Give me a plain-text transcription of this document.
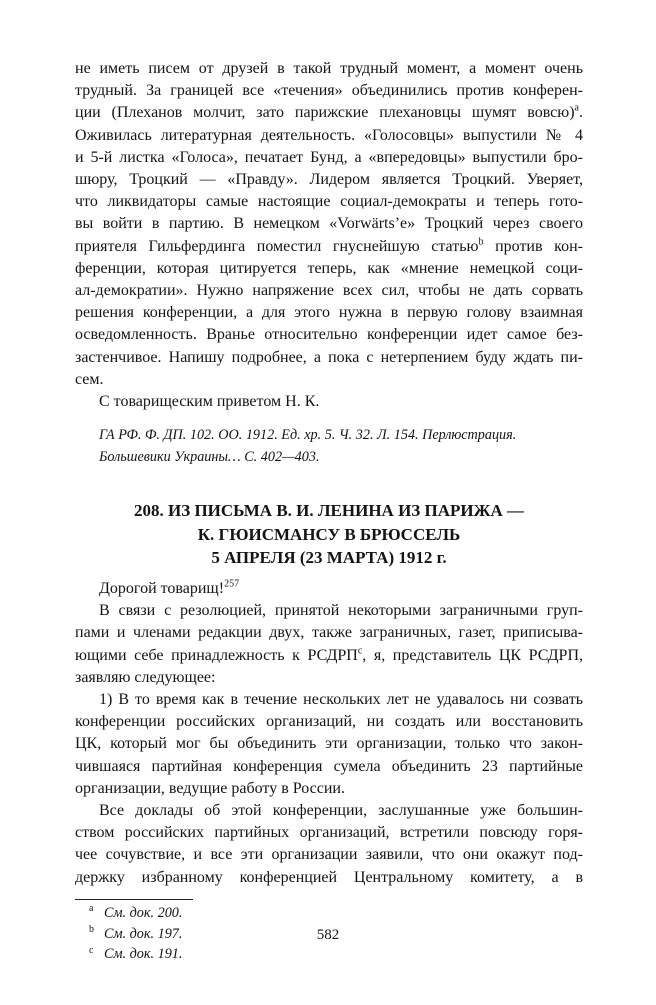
не иметь писем от друзей в такой трудный момент, а момент очень
трудный. За границей все «течения» объединились против конферен-
ции (Плеханов молчит, зато парижские плехановцы шумят вовсю)$^a$.
Оживилась литературная деятельность. «Голосовцы» выпустили № 4
и 5-й листка «Голоса», печатает Бунд, а «впередовцы» выпустили бро-
шюру, Троцкий — «Правду». Лидером является Троцкий. Уверяет,
что ликвидаторы самые настоящие социал-демократы и теперь гото-
вы войти в партию. В немецком «Vorwärts’е» Троцкий через своего
приятеля Гильфердинга поместил гнуснейшую статью$^b$ против кон-
ференции, которая цитируется теперь, как «мнение немецкой соци-
ал-демократии». Нужно напряжение всех сил, чтобы не дать сорвать
решения конференции, а для этого нужна в первую голову взаимная
осведомленность. Вранье относительно конференции идет самое без-
застенчивое. Напишу подробнее, а пока с нетерпением буду ждать пи-
сем.
С товарищеским приветом Н. К.
ГА РФ. Ф. ДП. 102. ОО. 1912. Ед. хр. 5. Ч. 32. Л. 154. Перлюстрация.
Большевики Украины… С. 402—403.
208. ИЗ ПИСЬМА В. И. ЛЕНИНА ИЗ ПАРИЖА —
К. ГЮИСМАНСУ В БРЮССЕЛЬ
5 АПРЕЛЯ (23 МАРТА) 1912 г.
Дорогой товарищ!$^{257}$
В связи с резолюцией, принятой некоторыми заграничными груп-
пами и членами редакции двух, также заграничных, газет, приписыва-
ющими себе принадлежность к РСДРП$^c$, я, представитель ЦК РСДРП,
заявляю следующее:
1) В то время как в течение нескольких лет не удавалось ни созвать
конференции российских организаций, ни создать или восстановить
ЦК, который мог бы объединить эти организации, только что закон-
чившаяся партийная конференция сумела объединить 23 партийные
организации, ведущие работу в России.
Все доклады об этой конференции, заслушанные уже большин-
ством российских партийных организаций, встретили повсюду горя-
чее сочувствие, и все эти организации заявили, что они окажут под-
держку избранному конференцией Центральному комитету, а в
a См. док. 200.
b См. док. 197.
c См. док. 191.
582
